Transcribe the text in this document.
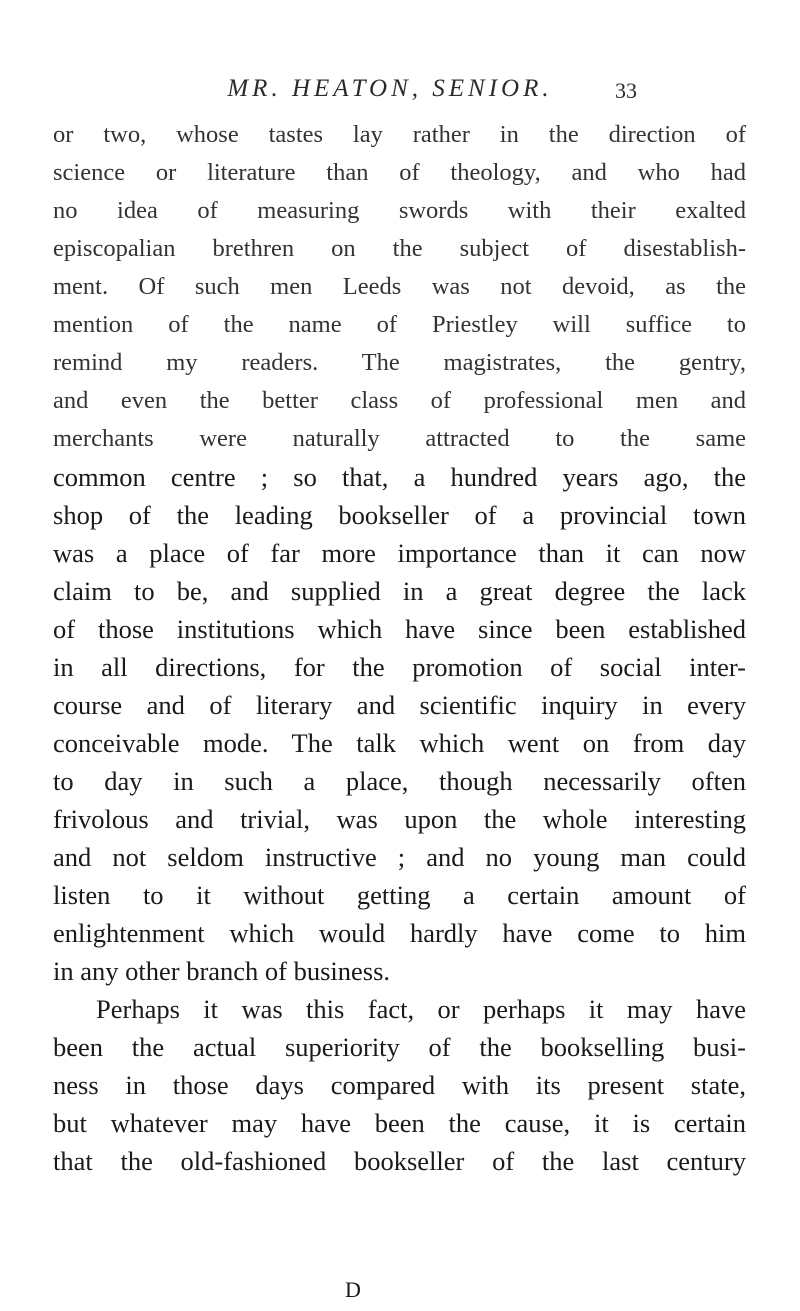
MR. HEATON, SENIOR.	33
or two, whose tastes lay rather in the direction of
science or literature than of theology, and who had
no idea of measuring swords with their exalted
episcopalian brethren on the subject of disestablish-
ment. Of such men Leeds was not devoid, as the
mention of the name of Priestley will suffice to
remind my readers. The magistrates, the gentry,
and even the better class of professional men and
merchants were naturally attracted to the same
common centre ; so that, a hundred years ago, the
shop of the leading bookseller of a provincial town
was a place of far more importance than it can now
claim to be, and supplied in a great degree the lack
of those institutions which have since been established
in all directions, for the promotion of social inter-
course and of literary and scientific inquiry in every
conceivable mode. The talk which went on from day
to day in such a place, though necessarily often
frivolous and trivial, was upon the whole interesting
and not seldom instructive ; and no young man could
listen to it without getting a certain amount of
enlightenment which would hardly have come to him
in any other branch of business.
Perhaps it was this fact, or perhaps it may have
been the actual superiority of the bookselling busi-
ness in those days compared with its present state,
but whatever may have been the cause, it is certain
that the old-fashioned bookseller of the last century
D
